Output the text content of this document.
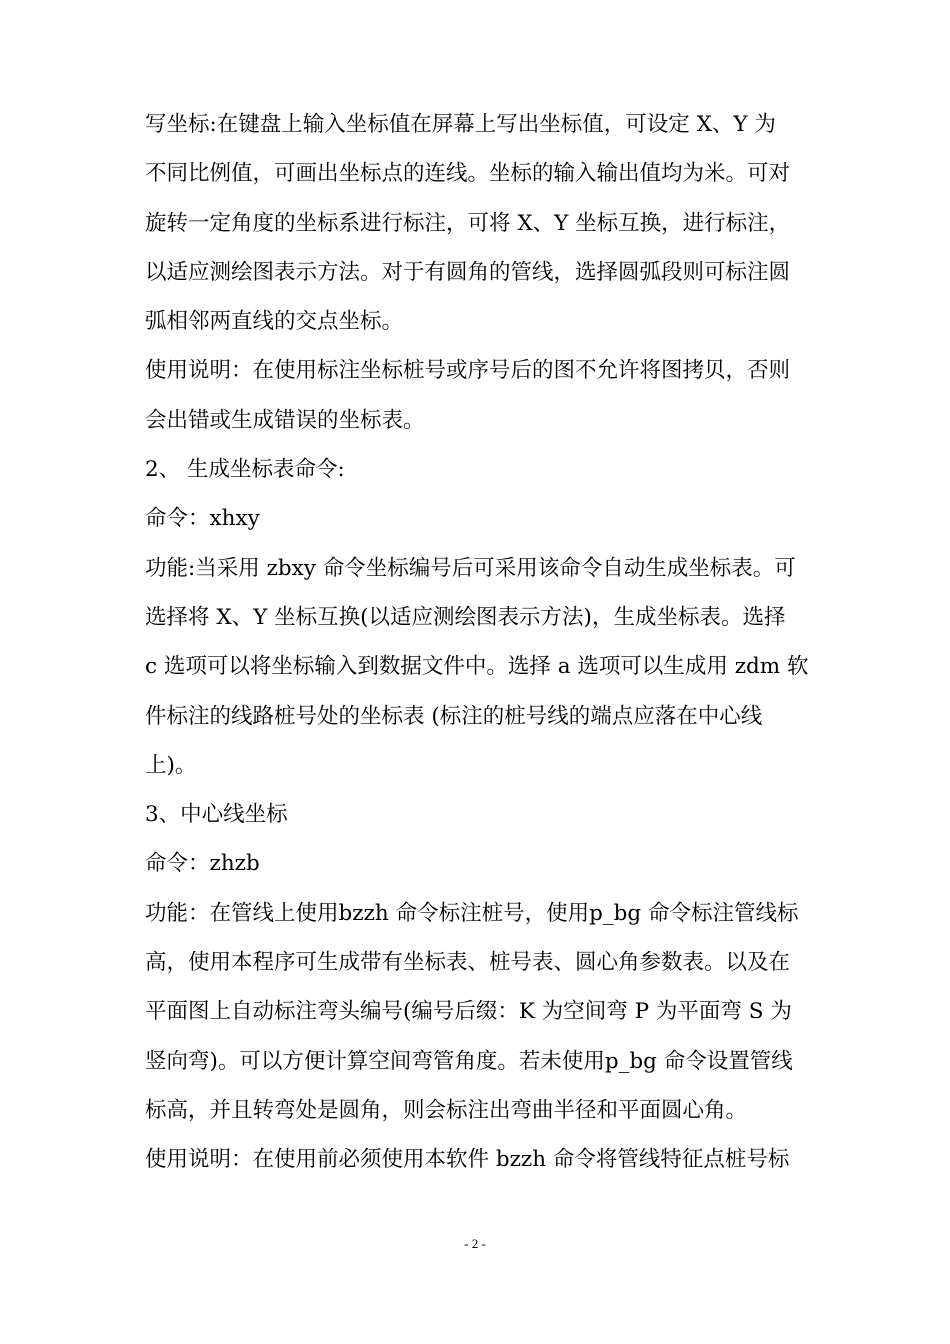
写坐标:在键盘上输入坐标值在屏幕上写出坐标值，可设定 X、Y 为
不同比例值，可画出坐标点的连线。坐标的输入输出值均为米。可对
旋转一定角度的坐标系进行标注，可将 X、Y 坐标互换，进行标注，
以适应测绘图表示方法。对于有圆角的管线，选择圆弧段则可标注圆
弧相邻两直线的交点坐标。
使用说明：在使用标注坐标桩号或序号后的图不允许将图拷贝，否则
会出错或生成错误的坐标表。
2、 生成坐标表命令:
命令：xhxy
功能:当采用 zbxy 命令坐标编号后可采用该命令自动生成坐标表。可
选择将 X、Y 坐标互换(以适应测绘图表示方法)，生成坐标表。选择
c 选项可以将坐标输入到数据文件中。选择 a 选项可以生成用 zdm 软
件标注的线路桩号处的坐标表 (标注的桩号线的端点应落在中心线
上)。
3、中心线坐标
命令：zhzb
功能：在管线上使用bzzh 命令标注桩号，使用p_bg 命令标注管线标
高，使用本程序可生成带有坐标表、桩号表、圆心角参数表。以及在
平面图上自动标注弯头编号(编号后缀：K 为空间弯 P 为平面弯 S 为
竖向弯)。可以方便计算空间弯管角度。若未使用p_bg 命令设置管线
标高，并且转弯处是圆角，则会标注出弯曲半径和平面圆心角。
使用说明：在使用前必须使用本软件 bzzh 命令将管线特征点桩号标
- 2 -
